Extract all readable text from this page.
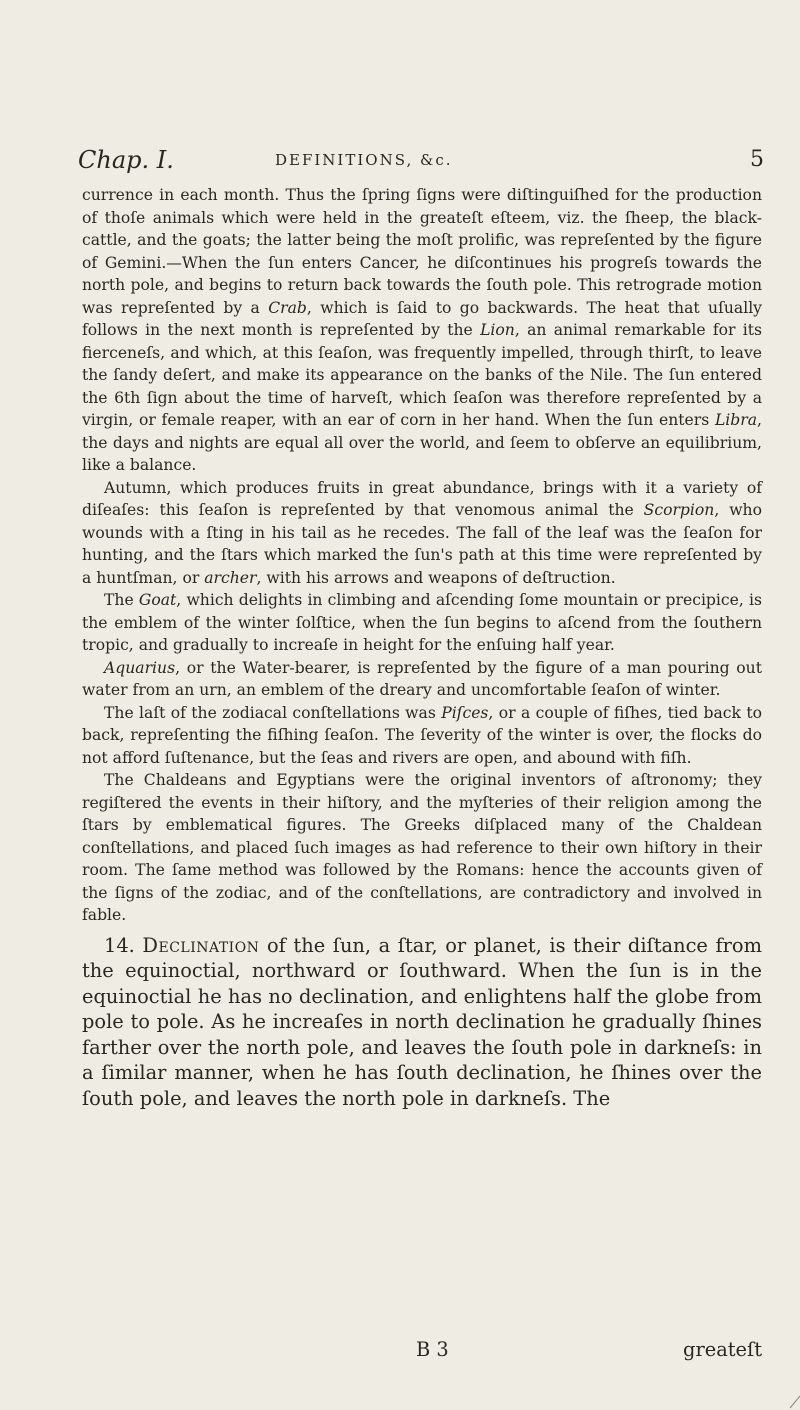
Chap. I.	DEFINITIONS, &c.	5

currence in each month. Thus the ſpring ſigns were diſtinguiſhed for the production of thoſe animals which were held in the greateſt eſteem, viz. the ſheep, the black-cattle, and the goats; the latter being the moſt prolific, was repreſented by the figure of Gemini.—When the ſun enters Cancer, he diſcontinues his progreſs towards the north pole, and begins to return back towards the ſouth pole. This retrograde motion was repreſented by a Crab, which is ſaid to go backwards. The heat that uſually follows in the next month is repreſented by the Lion, an animal remarkable for its fierceneſs, and which, at this ſeaſon, was frequently impelled, through thirſt, to leave the ſandy deſert, and make its appearance on the banks of the Nile. The ſun entered the 6th ſign about the time of harveſt, which ſeaſon was therefore repreſented by a virgin, or female reaper, with an ear of corn in her hand. When the ſun enters Libra, the days and nights are equal all over the world, and ſeem to obſerve an equilibrium, like a balance.

Autumn, which produces fruits in great abundance, brings with it a variety of diſeaſes: this ſeaſon is repreſented by that venomous animal the Scorpion, who wounds with a ſting in his tail as he recedes. The fall of the leaf was the ſeaſon for hunting, and the ſtars which marked the ſun's path at this time were repreſented by a huntſman, or archer, with his arrows and weapons of deſtruction.

The Goat, which delights in climbing and aſcending ſome mountain or precipice, is the emblem of the winter ſolſtice, when the ſun begins to aſcend from the ſouthern tropic, and gradually to increaſe in height for the enſuing half year.

Aquarius, or the Water-bearer, is repreſented by the figure of a man pouring out water from an urn, an emblem of the dreary and uncomfortable ſeaſon of winter.

The laſt of the zodiacal conſtellations was Piſces, or a couple of fiſhes, tied back to back, repreſenting the fiſhing ſeaſon. The ſeverity of the winter is over, the flocks do not afford ſuſtenance, but the ſeas and rivers are open, and abound with fiſh.

The Chaldeans and Egyptians were the original inventors of aſtronomy; they regiſtered the events in their hiſtory, and the myſteries of their religion among the ſtars by emblematical figures. The Greeks diſplaced many of the Chaldean conſtellations, and placed ſuch images as had reference to their own hiſtory in their room. The ſame method was followed by the Romans: hence the accounts given of the ſigns of the zodiac, and of the conſtellations, are contradictory and involved in fable.

14. Declination of the ſun, a ſtar, or planet, is their diſtance from the equinoctial, northward or ſouthward. When the ſun is in the equinoctial he has no declination, and enlightens half the globe from pole to pole. As he increaſes in north declination he gradually ſhines farther over the north pole, and leaves the ſouth pole in darkneſs: in a ſimilar manner, when he has ſouth declination, he ſhines over the ſouth pole, and leaves the north pole in darkneſs. The

B 3	greateſt
